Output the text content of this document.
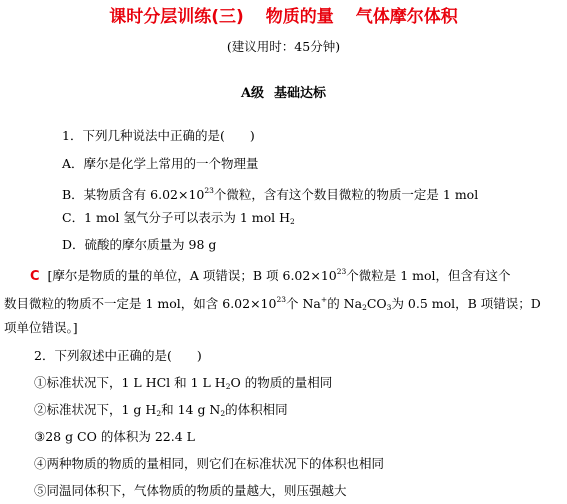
课时分层训练(三) 物质的量 气体摩尔体积
(建议用时：45分钟)
A级 基础达标
1．下列几种说法中正确的是(　　)
A．摩尔是化学上常用的一个物理量
B．某物质含有 $6.02\times 10^{23}$个微粒，含有这个数目微粒的物质一定是 1 mol
C．1 mol 氢气分子可以表示为 1 mol $H_2$
D．硫酸的摩尔质量为 98 g
C [摩尔是物质的量的单位，A 项错误；B 项 $6.02\times 10^{23}$个微粒是 1 mol，但含有这个
数目微粒的物质不一定是 1 mol，如含 $6.02\times 10^{23}$个 Na+的 $Na_2CO_3$为 0.5 mol，B 项错误；D
项单位错误。]
2．下列叙述中正确的是(　　)
①标准状况下，1 L HCl 和 1 L $H_2O$ 的物质的量相同
②标准状况下，1 g $H_2$和 14 g $N_2$的体积相同
③28 g CO 的体积为 22.4 L
④两种物质的物质的量相同，则它们在标准状况下的体积也相同
⑤同温同体积下，气体物质的物质的量越大，则压强越大
